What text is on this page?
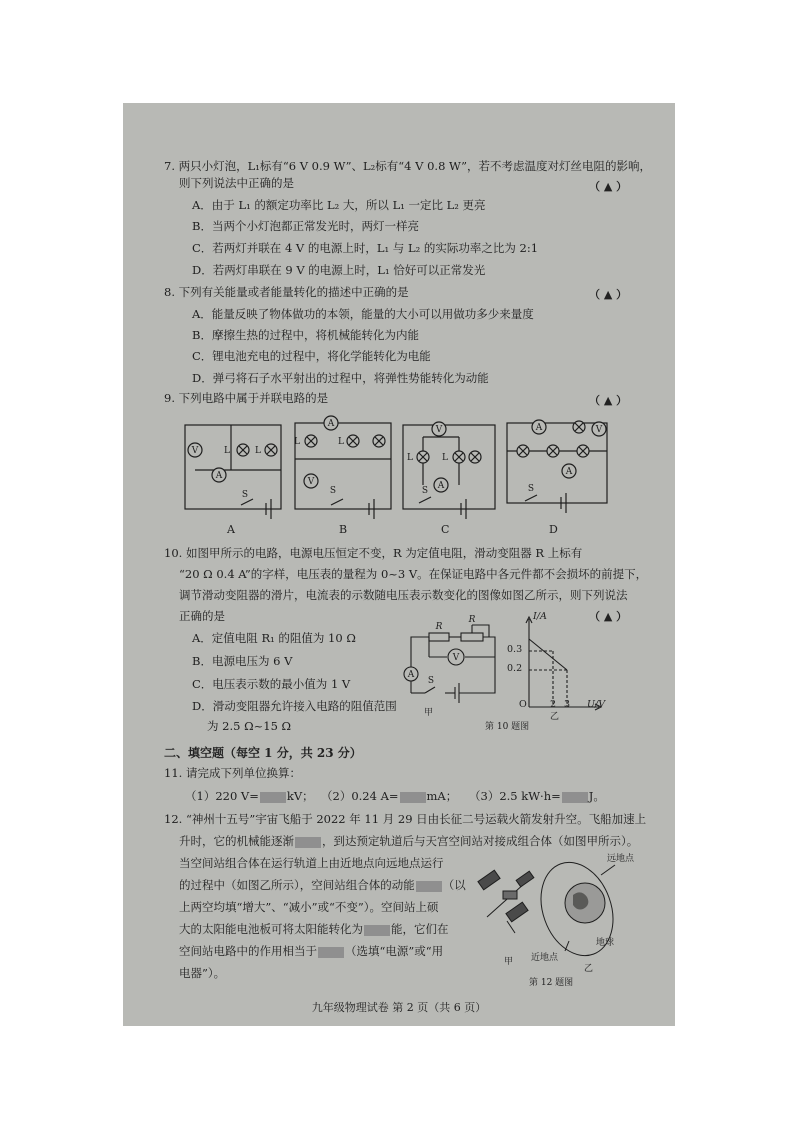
7. 两只小灯泡，L₁标有“6 V 0.9 W”、L₂标有“4 V 0.8 W”，若不考虑温度对灯丝电阻的影响，
则下列说法中正确的是	（ ▲ ）
A．由于 L₁ 的额定功率比 L₂ 大，所以 L₁ 一定比 L₂ 更亮
B．当两个小灯泡都正常发光时，两灯一样亮
C．若两灯并联在 4 V 的电源上时，L₁ 与 L₂ 的实际功率之比为 2:1
D．若两灯串联在 9 V 的电源上时，L₁ 恰好可以正常发光
8. 下列有关能量或者能量转化的描述中正确的是	（ ▲ ）
A．能量反映了物体做功的本领，能量的大小可以用做功多少来量度
B．摩擦生热的过程中，将机械能转化为内能
C．锂电池充电的过程中，将化学能转化为电能
D．弹弓将石子水平射出的过程中，将弹性势能转化为动能
9. 下列电路中属于并联电路的是	（ ▲ ）
V
A
L	L
S
A
V
L	L
S
V
A
L	L
S
A	V
A
S
A	B	C	D
10. 如图甲所示的电路，电源电压恒定不变，R 为定值电阻，滑动变阻器 R 上标有
“20 Ω 0.4 A”的字样，电压表的量程为 0~3 V。在保证电路中各元件都不会损坏的前提下，
调节滑动变阻器的滑片，电流表的示数随电压表示数变化的图像如图乙所示，则下列说法
正确的是	（ ▲ ）
A．定值电阻 R₁ 的阻值为 10 Ω
B．电源电压为 6 V
C．电压表示数的最小值为 1 V
D．滑动变阻器允许接入电路的阻值范围
为 2.5 Ω~15 Ω
R
R
A
V
S
甲
I/A
0.3
0.2
O 2 3 U/V
乙
第 10 题图
二、填空题（每空 1 分，共 23 分）
11. 请完成下列单位换算：
（1）220 V= kV； （2）0.24 A= mA； （3）2.5 kW·h= J。
12. “神州十五号”宇宙飞船于 2022 年 11 月 29 日由长征二号运载火箭发射升空。飞船加速上
升时，它的机械能逐渐 ，到达预定轨道后与天宫空间站对接成组合体（如图甲所示）。
当空间站组合体在运行轨道上由近地点向远地点运行
的过程中（如图乙所示），空间站组合体的动能 （以
上两空均填“增大”、“减小”或“不变”）。空间站上硕
大的太阳能电池板可将太阳能转化为 能，它们在
空间站电路中的作用相当于 （选填“电源”或“用
电器”）。
远地点
近地点
地球
甲
乙
第 12 题图
九年级物理试卷 第 2 页（共 6 页）
